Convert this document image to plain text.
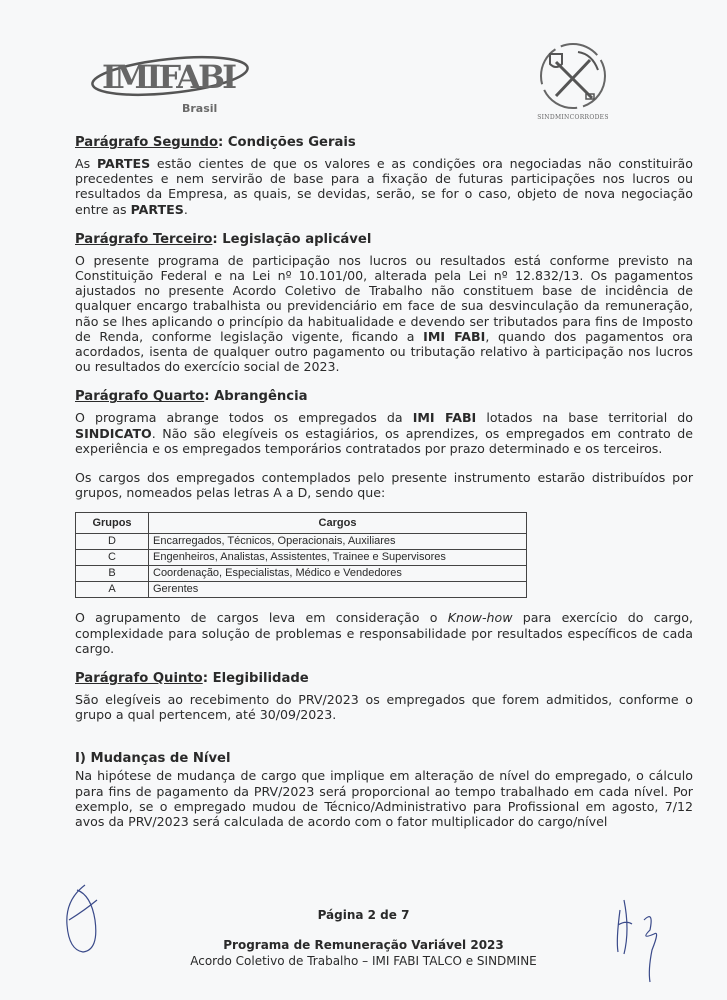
IMIFABI
Brasil
SINDMINCORRODES

Parágrafo Segundo: Condições Gerais

As PARTES estão cientes de que os valores e as condições ora negociadas não constituirão precedentes e nem servirão de base para a fixação de futuras participações nos lucros ou resultados da Empresa, as quais, se devidas, serão, se for o caso, objeto de nova negociação entre as PARTES.

Parágrafo Terceiro: Legislação aplicável

O presente programa de participação nos lucros ou resultados está conforme previsto na Constituição Federal e na Lei nº 10.101/00, alterada pela Lei nº 12.832/13. Os pagamentos ajustados no presente Acordo Coletivo de Trabalho não constituem base de incidência de qualquer encargo trabalhista ou previdenciário em face de sua desvinculação da remuneração, não se lhes aplicando o princípio da habitualidade e devendo ser tributados para fins de Imposto de Renda, conforme legislação vigente, ficando a IMI FABI, quando dos pagamentos ora acordados, isenta de qualquer outro pagamento ou tributação relativo à participação nos lucros ou resultados do exercício social de 2023.

Parágrafo Quarto: Abrangência

O programa abrange todos os empregados da IMI FABI lotados na base territorial do SINDICATO. Não são elegíveis os estagiários, os aprendizes, os empregados em contrato de experiência e os empregados temporários contratados por prazo determinado e os terceiros.

Os cargos dos empregados contemplados pelo presente instrumento estarão distribuídos por grupos, nomeados pelas letras A a D, sendo que:

Grupos	Cargos
D	Encarregados, Técnicos, Operacionais, Auxiliares
C	Engenheiros, Analistas, Assistentes, Trainee e Supervisores
B	Coordenação, Especialistas, Médico e Vendedores
A	Gerentes

O agrupamento de cargos leva em consideração o Know-how para exercício do cargo, complexidade para solução de problemas e responsabilidade por resultados específicos de cada cargo.

Parágrafo Quinto: Elegibilidade

São elegíveis ao recebimento do PRV/2023 os empregados que forem admitidos, conforme o grupo a qual pertencem, até 30/09/2023.

I) Mudanças de Nível

Na hipótese de mudança de cargo que implique em alteração de nível do empregado, o cálculo para fins de pagamento da PRV/2023 será proporcional ao tempo trabalhado em cada nível. Por exemplo, se o empregado mudou de Técnico/Administrativo para Profissional em agosto, 7/12 avos da PRV/2023 será calculada de acordo com o fator multiplicador do cargo/nível

Página 2 de 7
Programa de Remuneração Variável 2023
Acordo Coletivo de Trabalho – IMI FABI TALCO e SINDMINE
